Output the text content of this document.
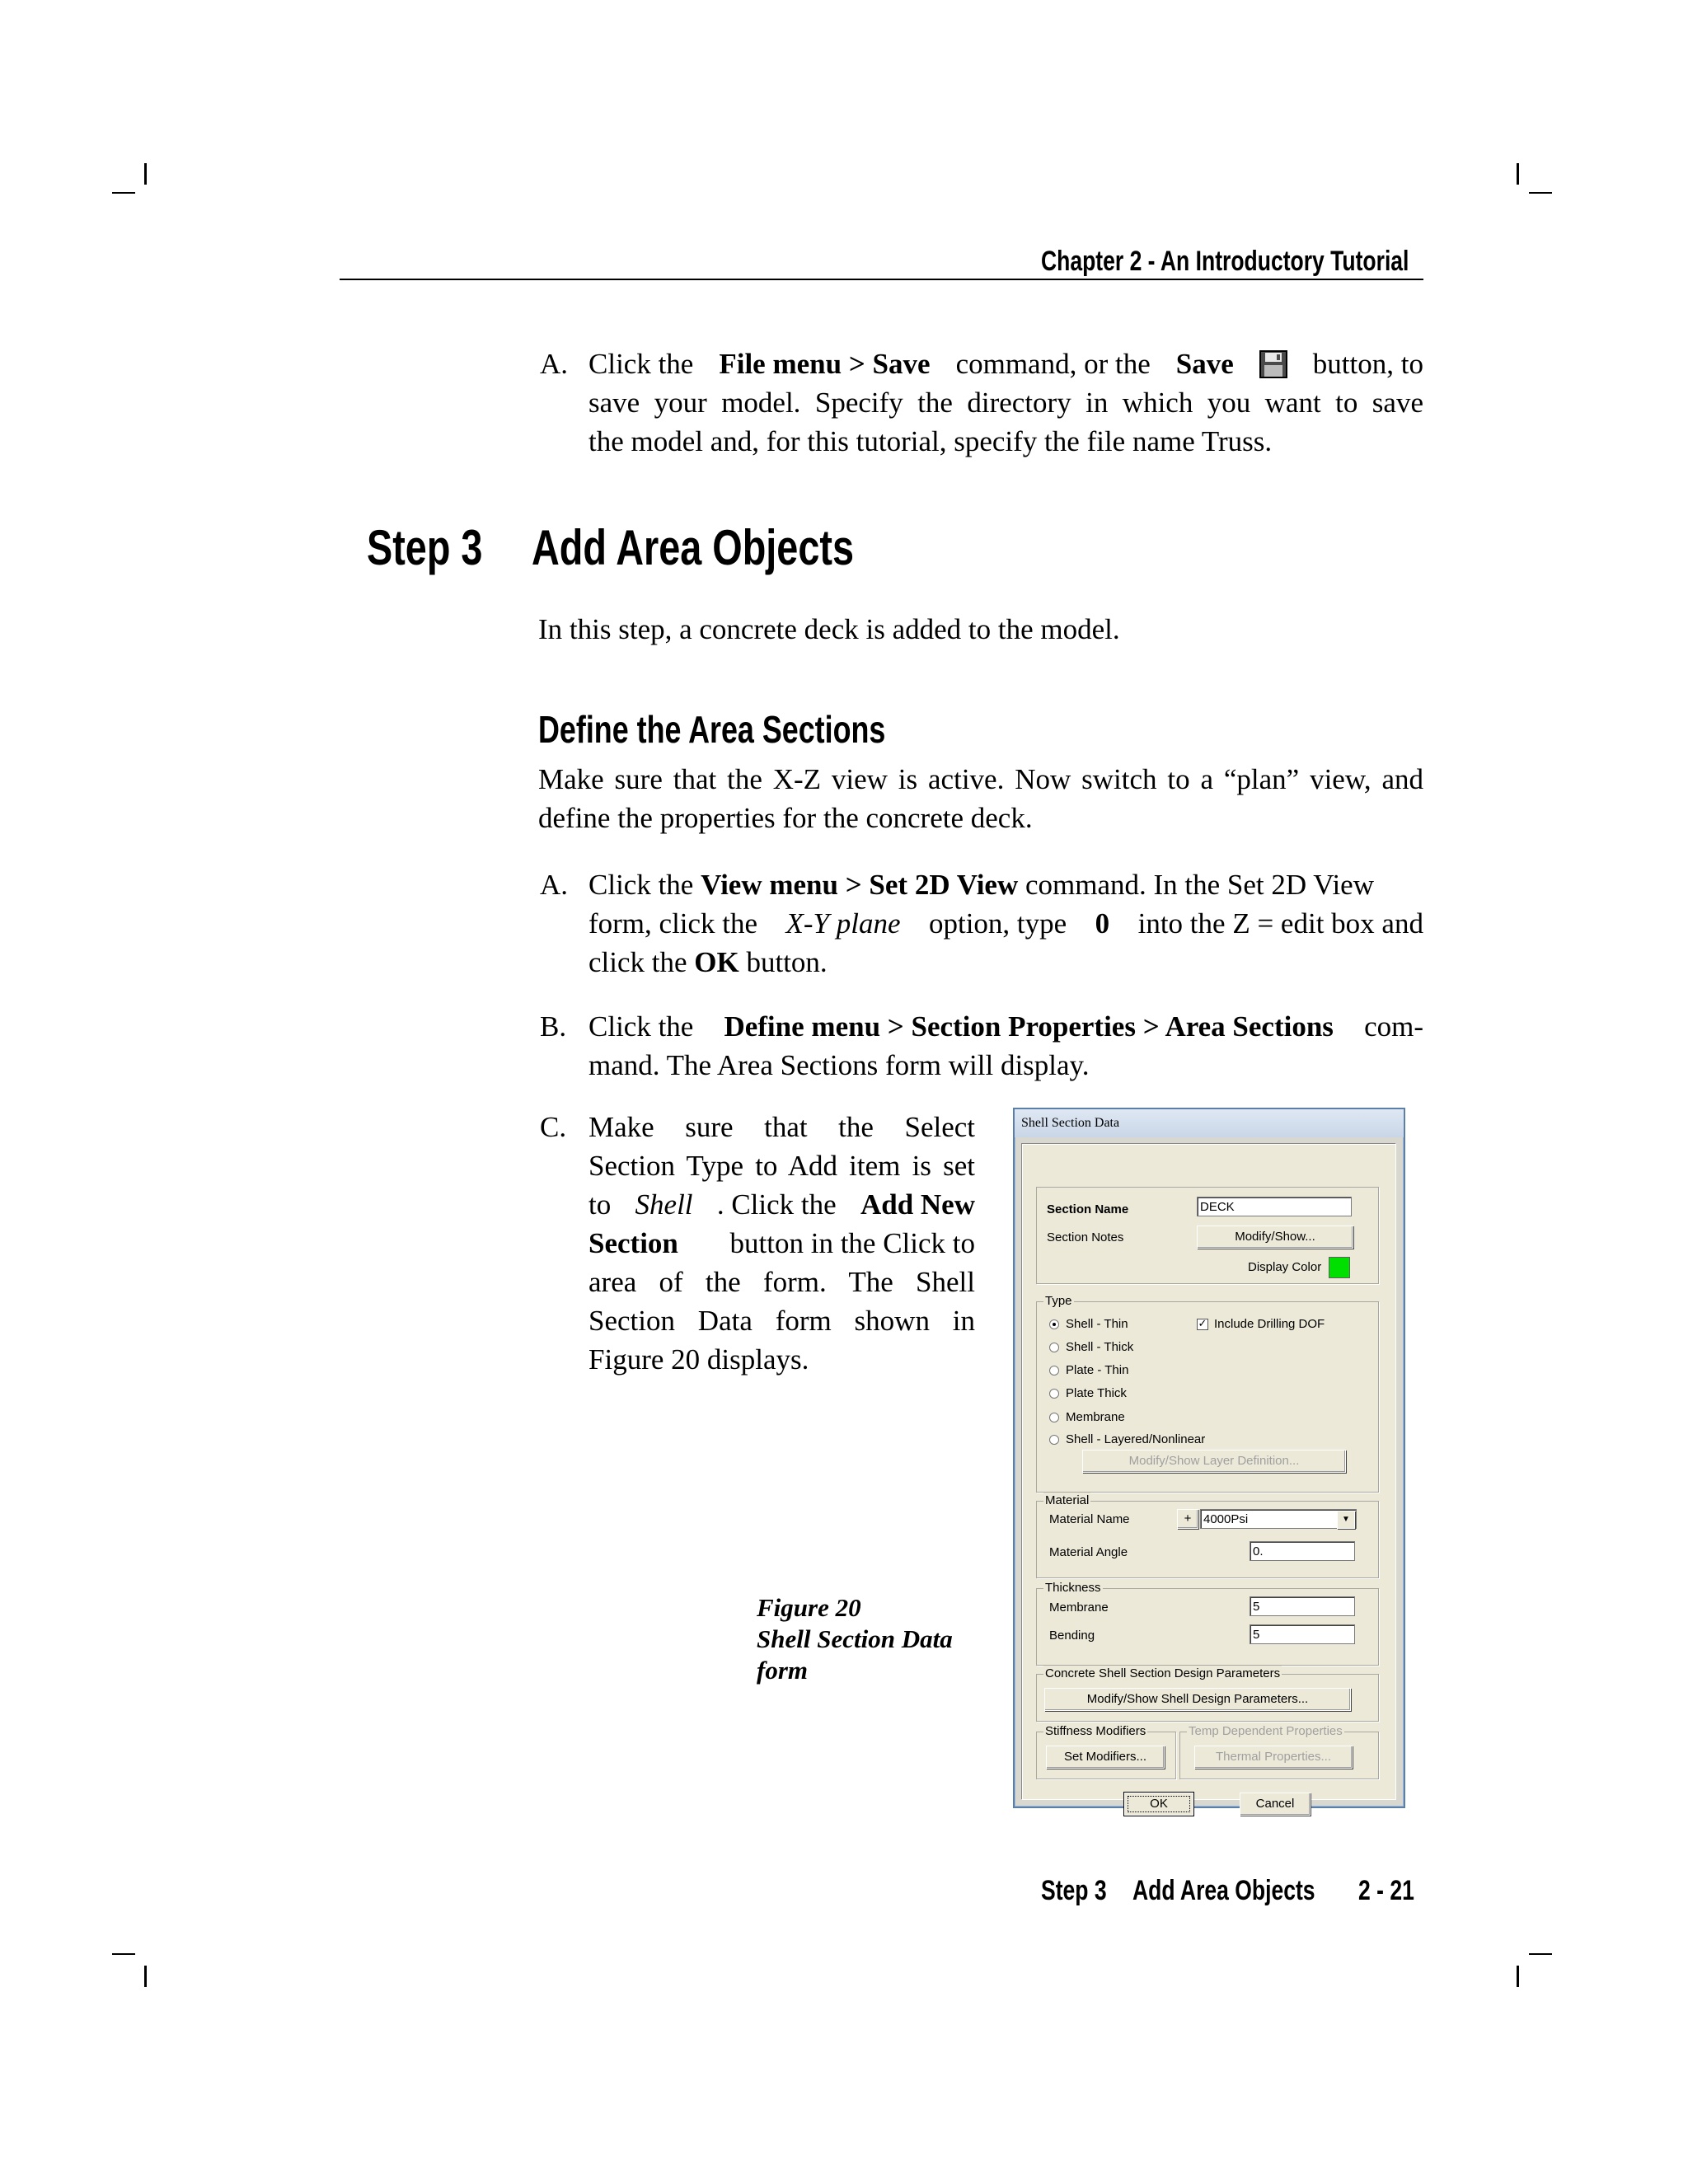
Chapter 2 - An Introductory Tutorial
A. Click the File menu > Save command, or the Save	button, to
save your model. Specify the directory in which you want to save
the model and, for this tutorial, specify the file name Truss.
Step 3 Add Area Objects
In this step, a concrete deck is added to the model.
Define the Area Sections
Make sure that the X-Z view is active. Now switch to a “plan” view, and
define the properties for the concrete deck.
A. Click the View menu > Set 2D View command. In the Set 2D View
form, click the X-Y plane option, type 0 into the Z = edit box and
click the OK button.
B. Click the Define menu > Section Properties > Area Sections com-
mand. The Area Sections form will display.
C. Make sure that the Select
Section Type to Add item is set
to Shell . Click the Add New
Section button in the Click to
area of the form. The Shell
Section Data form shown in
Figure 20 displays.
Figure 20
Shell Section Data
form
Shell Section Data
Section Name	DECK
Section Notes	Modify/Show...
Display Color
Type
Shell - Thin
Shell - Thick
Plate - Thin
Plate Thick
Membrane
Shell - Layered/Nonlinear
✓ Include Drilling DOF
Modify/Show Layer Definition...
Material
Material Name	+ 4000Psi	▼
Material Angle	0.
Thickness
Membrane	5
Bending	5
Concrete Shell Section Design Parameters
Modify/Show Shell Design Parameters...
Stiffness Modifiers
Set Modifiers...
Temp Dependent Properties
Thermal Properties...
OK	Cancel
Step 3 Add Area Objects 2 - 21
